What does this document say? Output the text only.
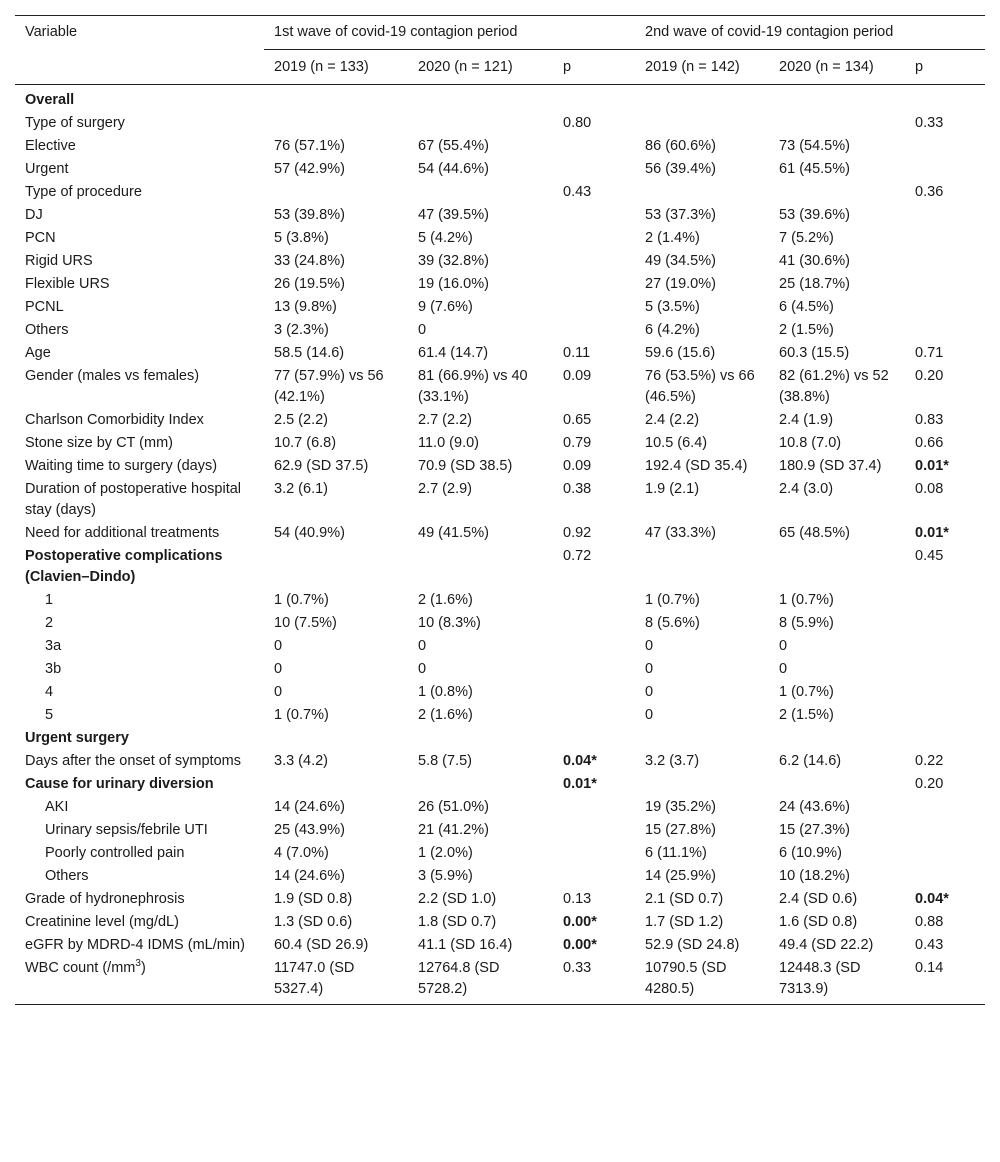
Variable	1st wave of covid-19 contagion period			2nd wave of covid-19 contagion period		
	2019 (n = 133)	2020 (n = 121)	p	2019 (n = 142)	2020 (n = 134)	p
Overall						
Type of surgery			0.80			0.33
Elective	76 (57.1%)	67 (55.4%)		86 (60.6%)	73 (54.5%)	
Urgent	57 (42.9%)	54 (44.6%)		56 (39.4%)	61 (45.5%)	
Type of procedure			0.43			0.36
DJ	53 (39.8%)	47 (39.5%)		53 (37.3%)	53 (39.6%)	
PCN	5 (3.8%)	5 (4.2%)		2 (1.4%)	7 (5.2%)	
Rigid URS	33 (24.8%)	39 (32.8%)		49 (34.5%)	41 (30.6%)	
Flexible URS	26 (19.5%)	19 (16.0%)		27 (19.0%)	25 (18.7%)	
PCNL	13 (9.8%)	9 (7.6%)		5 (3.5%)	6 (4.5%)	
Others	3 (2.3%)	0		6 (4.2%)	2 (1.5%)	
Age	58.5 (14.6)	61.4 (14.7)	0.11	59.6 (15.6)	60.3 (15.5)	0.71
Gender (males vs females)	77 (57.9%) vs 56 (42.1%)	81 (66.9%) vs 40 (33.1%)	0.09	76 (53.5%) vs 66 (46.5%)	82 (61.2%) vs 52 (38.8%)	0.20
Charlson Comorbidity Index	2.5 (2.2)	2.7 (2.2)	0.65	2.4 (2.2)	2.4 (1.9)	0.83
Stone size by CT (mm)	10.7 (6.8)	11.0 (9.0)	0.79	10.5 (6.4)	10.8 (7.0)	0.66
Waiting time to surgery (days)	62.9 (SD 37.5)	70.9 (SD 38.5)	0.09	192.4 (SD 35.4)	180.9 (SD 37.4)	0.01*
Duration of postoperative hospital stay (days)	3.2 (6.1)	2.7 (2.9)	0.38	1.9 (2.1)	2.4 (3.0)	0.08
Need for additional treatments	54 (40.9%)	49 (41.5%)	0.92	47 (33.3%)	65 (48.5%)	0.01*
Postoperative complications (Clavien–Dindo)			0.72			0.45
1	1 (0.7%)	2 (1.6%)		1 (0.7%)	1 (0.7%)	
2	10 (7.5%)	10 (8.3%)		8 (5.6%)	8 (5.9%)	
3a	0	0		0	0	
3b	0	0		0	0	
4	0	1 (0.8%)		0	1 (0.7%)	
5	1 (0.7%)	2 (1.6%)		0	2 (1.5%)	
Urgent surgery						
Days after the onset of symptoms	3.3 (4.2)	5.8 (7.5)	0.04*	3.2 (3.7)	6.2 (14.6)	0.22
Cause for urinary diversion			0.01*			0.20
AKI	14 (24.6%)	26 (51.0%)		19 (35.2%)	24 (43.6%)	
Urinary sepsis/febrile UTI	25 (43.9%)	21 (41.2%)		15 (27.8%)	15 (27.3%)	
Poorly controlled pain	4 (7.0%)	1 (2.0%)		6 (11.1%)	6 (10.9%)	
Others	14 (24.6%)	3 (5.9%)		14 (25.9%)	10 (18.2%)	
Grade of hydronephrosis	1.9 (SD 0.8)	2.2 (SD 1.0)	0.13	2.1 (SD 0.7)	2.4 (SD 0.6)	0.04*
Creatinine level (mg/dL)	1.3 (SD 0.6)	1.8 (SD 0.7)	0.00*	1.7 (SD 1.2)	1.6 (SD 0.8)	0.88
eGFR by MDRD-4 IDMS (mL/min)	60.4 (SD 26.9)	41.1 (SD 16.4)	0.00*	52.9 (SD 24.8)	49.4 (SD 22.2)	0.43
WBC count $(/mm^3)$	11747.0 (SD 5327.4)	12764.8 (SD 5728.2)	0.33	10790.5 (SD 4280.5)	12448.3 (SD 7313.9)	0.14
